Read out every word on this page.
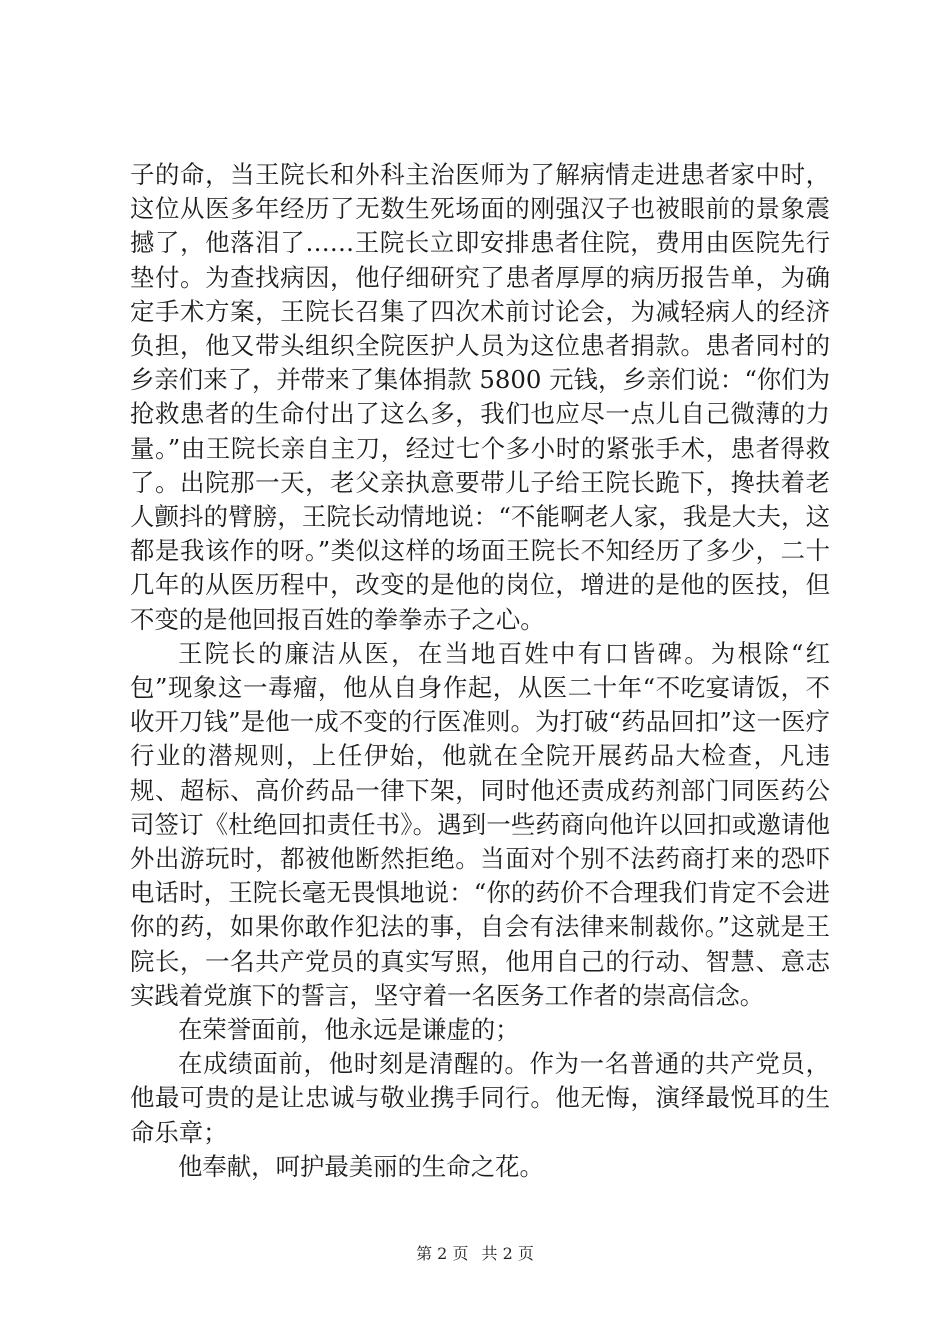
子的命，当王院长和外科主治医师为了解病情走进患者家中时，这位从医多年经历了无数生死场面的刚强汉子也被眼前的景象震撼了，他落泪了……王院长立即安排患者住院，费用由医院先行垫付。为查找病因，他仔细研究了患者厚厚的病历报告单，为确定手术方案，王院长召集了四次术前讨论会，为减轻病人的经济负担，他又带头组织全院医护人员为这位患者捐款。患者同村的乡亲们来了，并带来了集体捐款 5800 元钱，乡亲们说：“你们为抢救患者的生命付出了这么多，我们也应尽一点儿自己微薄的力量。”由王院长亲自主刀，经过七个多小时的紧张手术，患者得救了。出院那一天，老父亲执意要带儿子给王院长跪下，搀扶着老人颤抖的臂膀，王院长动情地说：“不能啊老人家，我是大夫，这都是我该作的呀。”类似这样的场面王院长不知经历了多少，二十几年的从医历程中，改变的是他的岗位，增进的是他的医技，但不变的是他回报百姓的拳拳赤子之心。

王院长的廉洁从医，在当地百姓中有口皆碑。为根除“红包”现象这一毒瘤，他从自身作起，从医二十年“不吃宴请饭，不收开刀钱”是他一成不变的行医准则。为打破“药品回扣”这一医疗行业的潜规则，上任伊始，他就在全院开展药品大检查，凡违规、超标、高价药品一律下架，同时他还责成药剂部门同医药公司签订《杜绝回扣责任书》。遇到一些药商向他许以回扣或邀请他外出游玩时，都被他断然拒绝。当面对个别不法药商打来的恐吓电话时，王院长毫无畏惧地说：“你的药价不合理我们肯定不会进你的药，如果你敢作犯法的事，自会有法律来制裁你。”这就是王院长，一名共产党员的真实写照，他用自己的行动、智慧、意志实践着党旗下的誓言，坚守着一名医务工作者的崇高信念。

在荣誉面前，他永远是谦虚的；

在成绩面前，他时刻是清醒的。作为一名普通的共产党员，他最可贵的是让忠诚与敬业携手同行。他无悔，演绎最悦耳的生命乐章；

他奉献，呵护最美丽的生命之花。

第 2 页 共 2 页
